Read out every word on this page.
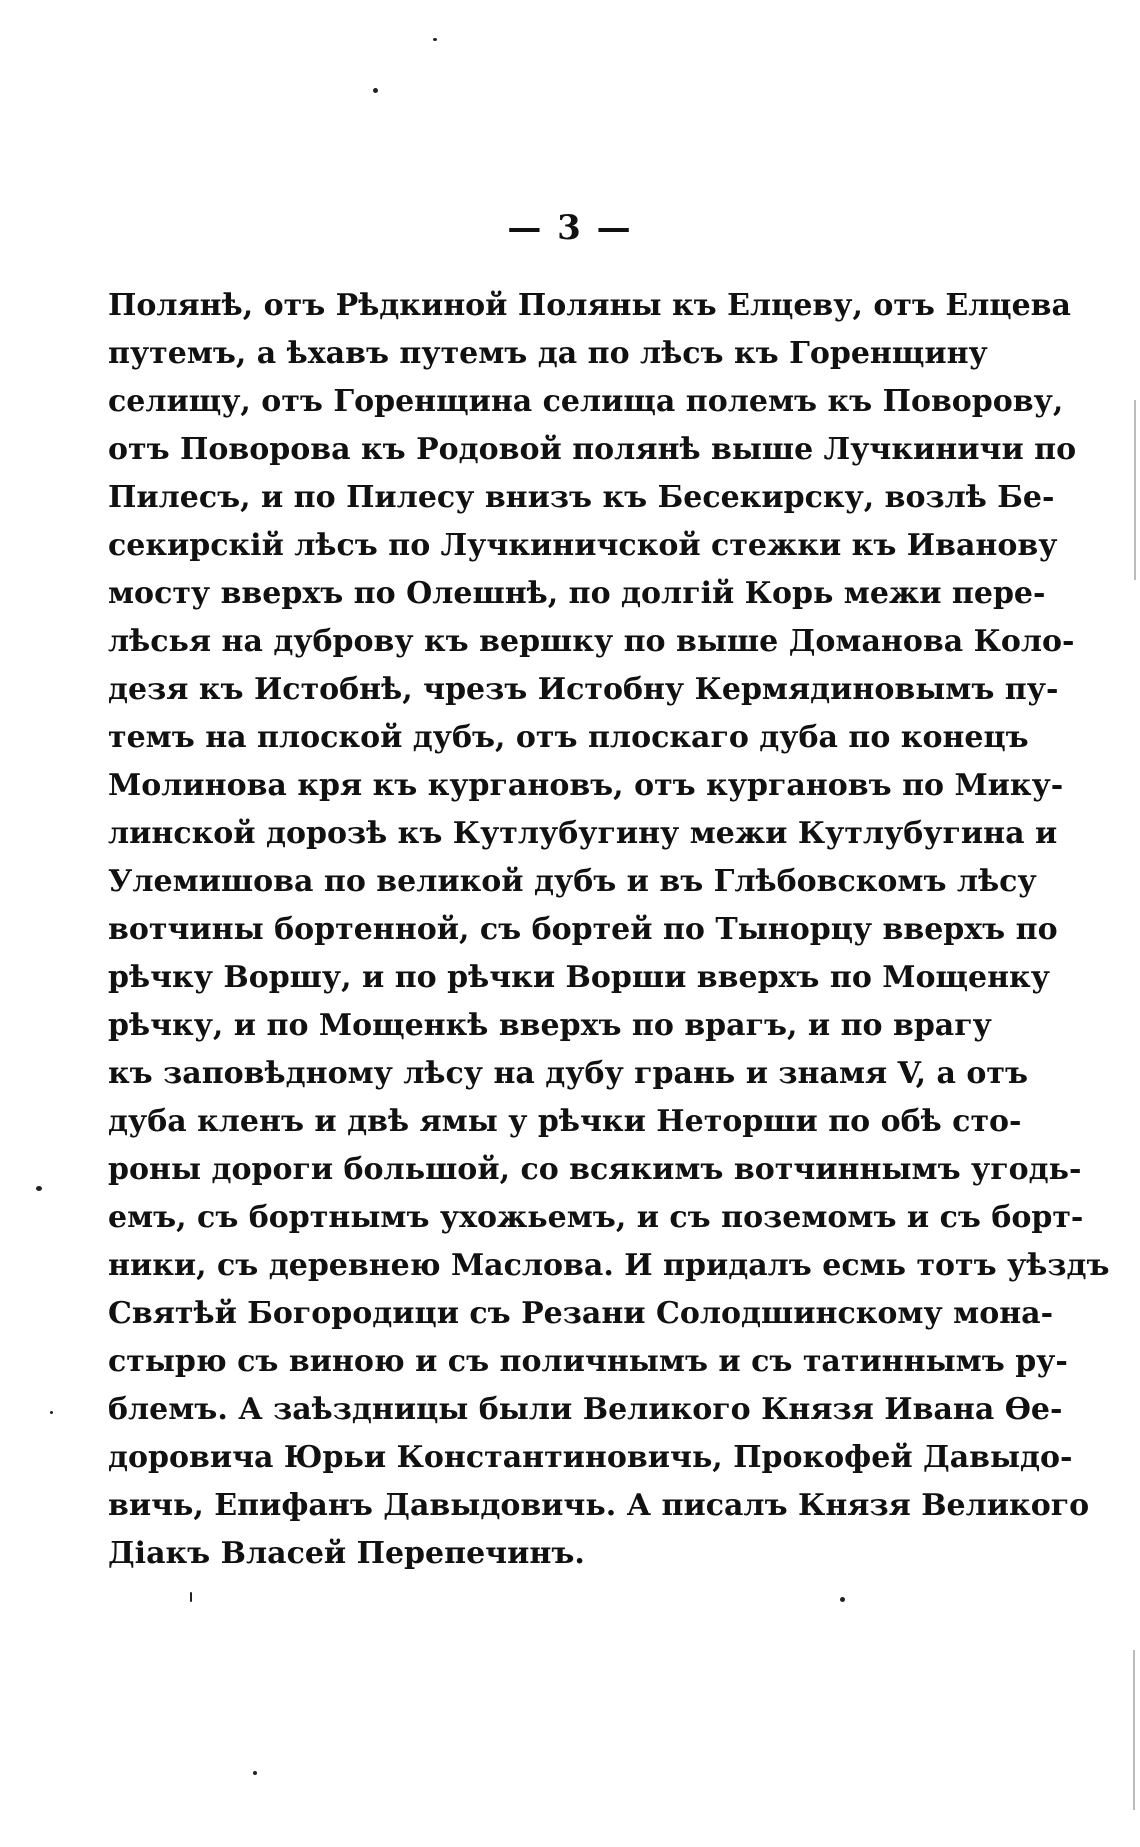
— 3 —
Полянѣ, отъ Рѣдкиной Поляны къ Елцеву, отъ Елцева
путемъ, а ѣхавъ путемъ да по лѣсъ къ Горенщину
селищу, отъ Горенщина селища полемъ къ Поворову,
отъ Поворова къ Родовой полянѣ выше Лучкиничи по
Пилесъ, и по Пилесу внизъ къ Бесекирску, возлѣ Бе-
секирскій лѣсъ по Лучкиничской стежки къ Иванову
мосту вверхъ по Олешнѣ, по долгій Корь межи пере-
лѣсья на дуброву къ вершку по выше Доманова Коло-
дезя къ Истобнѣ, чрезъ Истобну Кермядиновымъ пу-
темъ на плоской дубъ, отъ плоскаго дуба по конецъ
Молинова кря къ кургановъ, отъ кургановъ по Мику-
линской дорозѣ къ Кутлубугину межи Кутлубугина и
Улемишова по великой дубъ и въ Глѣбовскомъ лѣсу
вотчины бортенной, съ бортей по Тынорцу вверхъ по
рѣчку Воршу, и по рѣчки Ворши вверхъ по Мощенку
рѣчку, и по Мощенкѣ вверхъ по врагъ, и по врагу
къ заповѣдному лѣсу на дубу грань и знамя V, а отъ
дуба кленъ и двѣ ямы у рѣчки Неторши по обѣ сто-
роны дороги большой, со всякимъ вотчиннымъ угодь-
емъ, съ бортнымъ ухожьемъ, и съ поземомъ и съ борт-
ники, съ деревнею Маслова. И придалъ есмь тотъ уѣздъ
Святѣй Богородици съ Резани Солодшинскому мона-
стырю съ виною и съ поличнымъ и съ татиннымъ ру-
блемъ. А заѣздницы были Великого Князя Ивана Ѳе-
доровича Юрьи Константиновичь, Прокофей Давыдо-
вичь, Епифанъ Давыдовичь. А писалъ Князя Великого
Діакъ Власей Перепечинъ.
